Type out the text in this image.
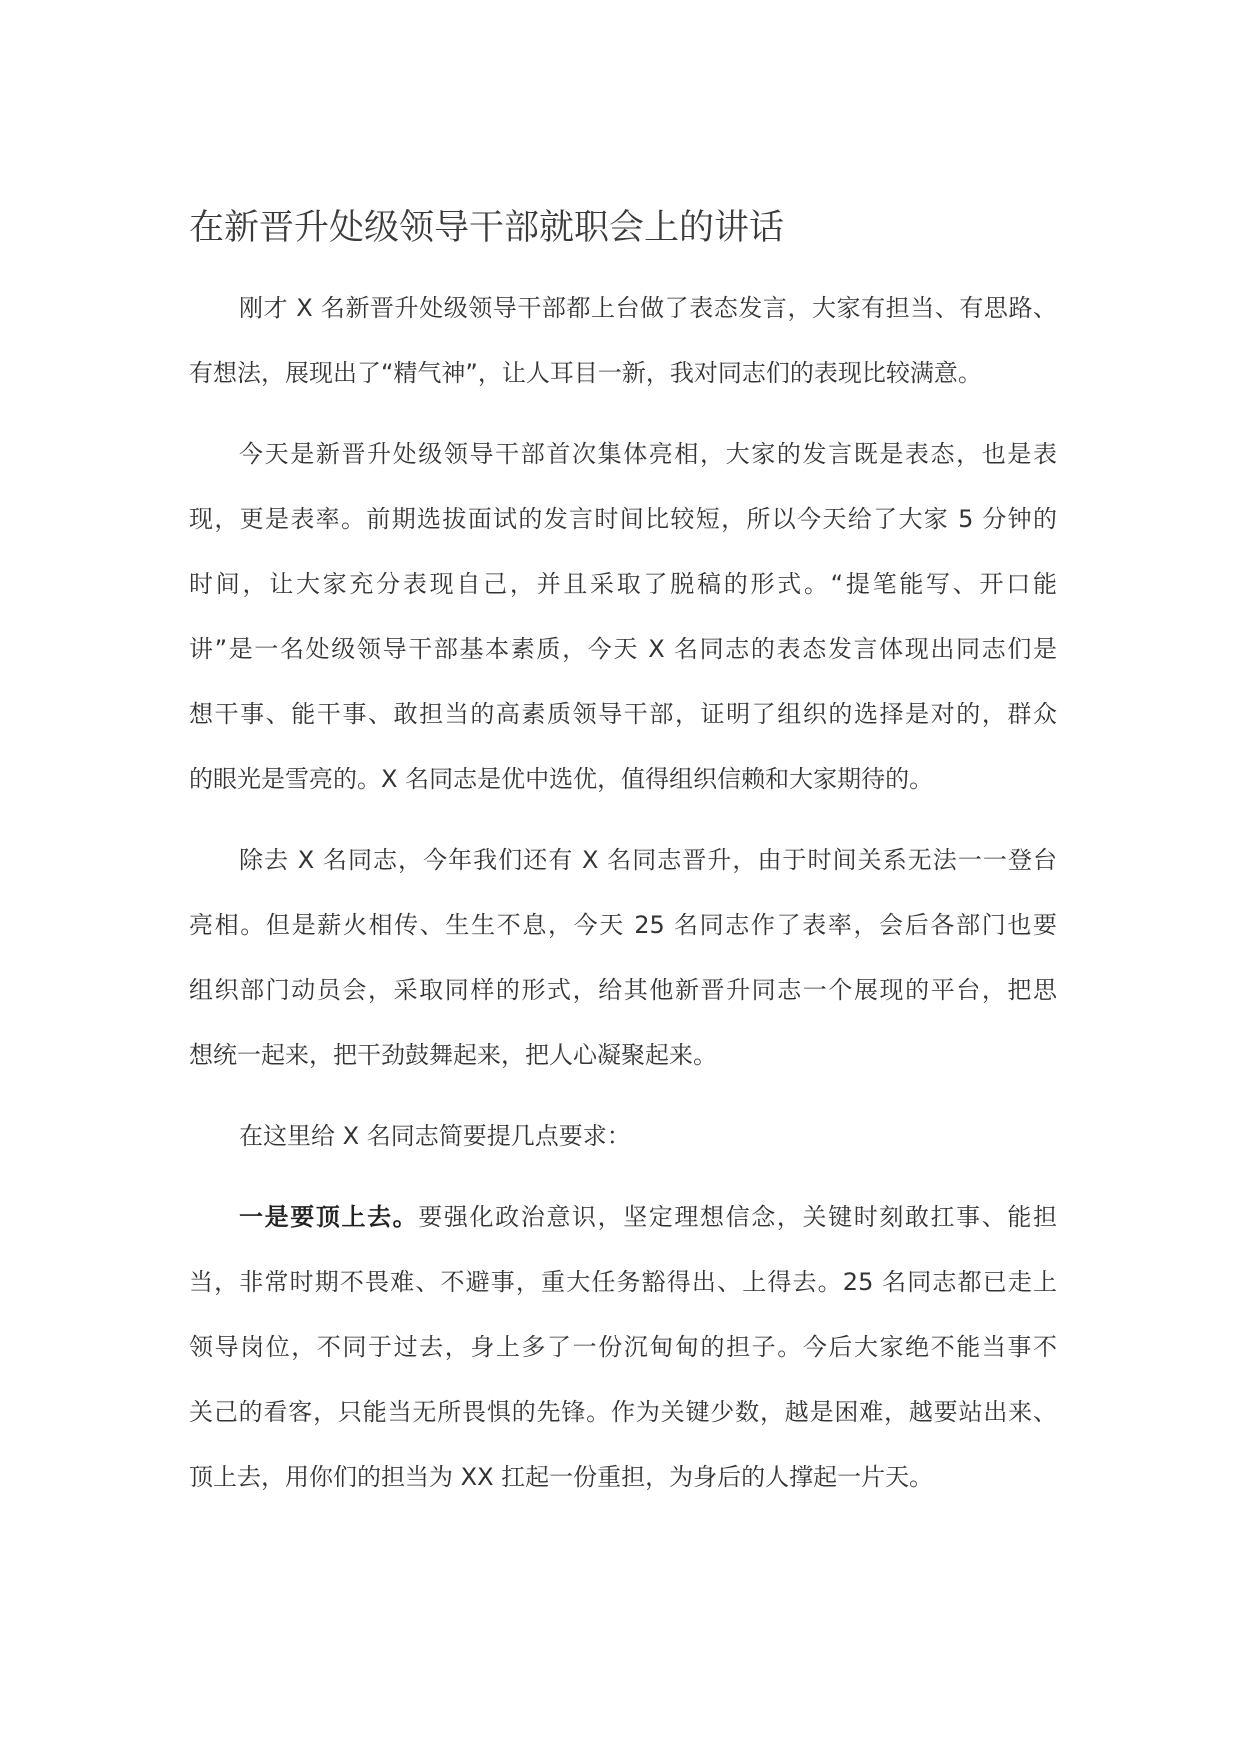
在新晋升处级领导干部就职会上的讲话
刚才 X 名新晋升处级领导干部都上台做了表态发言，大家有担当、有思路、
有想法，展现出了“精气神”，让人耳目一新，我对同志们的表现比较满意。
今天是新晋升处级领导干部首次集体亮相，大家的发言既是表态，也是表
现，更是表率。前期选拔面试的发言时间比较短，所以今天给了大家 5 分钟的
时间，让大家充分表现自己，并且采取了脱稿的形式。“提笔能写、开口能
讲”是一名处级领导干部基本素质，今天 X 名同志的表态发言体现出同志们是
想干事、能干事、敢担当的高素质领导干部，证明了组织的选择是对的，群众
的眼光是雪亮的。X 名同志是优中选优，值得组织信赖和大家期待的。
除去 X 名同志，今年我们还有 X 名同志晋升，由于时间关系无法一一登台
亮相。但是薪火相传、生生不息，今天 25 名同志作了表率，会后各部门也要
组织部门动员会，采取同样的形式，给其他新晋升同志一个展现的平台，把思
想统一起来，把干劲鼓舞起来，把人心凝聚起来。
在这里给 X 名同志简要提几点要求：
一是要顶上去。要强化政治意识，坚定理想信念，关键时刻敢扛事、能担
当，非常时期不畏难、不避事，重大任务豁得出、上得去。25 名同志都已走上
领导岗位，不同于过去，身上多了一份沉甸甸的担子。今后大家绝不能当事不
关己的看客，只能当无所畏惧的先锋。作为关键少数，越是困难，越要站出来、
顶上去，用你们的担当为 XX 扛起一份重担，为身后的人撑起一片天。
